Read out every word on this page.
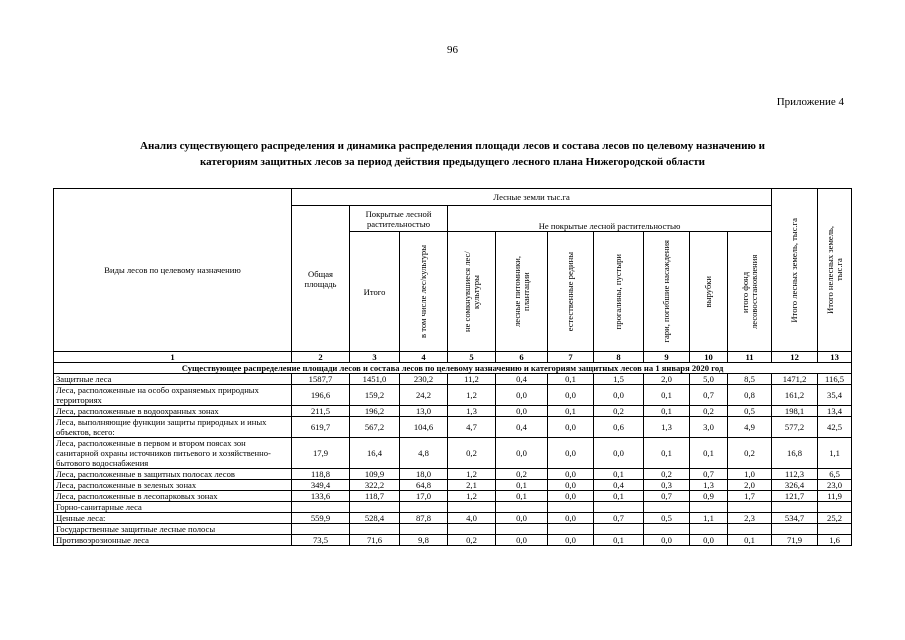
96
Приложение 4
Анализ существующего распределения и динамика распределения площади лесов и состава лесов по целевому назначению и
категориям защитных лесов за период действия предыдущего лесного плана Нижегородской области
Виды лесов по целевому назначению	Лесные земли тыс.га										Итого лесных земель, тыс.га	Итого нелесных земель, тыс.га

	Общая площадь	Покрытые лесной растительностью		Не покрытые лесной растительностью								
		Итого	в том числе лес/культуры	не сомкнувшиеся лес/культуры	лесные питомники, плантации	естественные редины	прогалины, пустыри	гари, погибшие насаждения	вырубки	итого фонд лесовосстановления		

1	2	3	4	5	6	7	8	9	10	11	12	13
Существующее распределение площади лесов и состава лесов по целевому назначению и категориям защитных лесов на 1 января 2020 год												
Защитные леса	1587,7	1451,0	230,2	11,2	0,4	0,1	1,5	2,0	5,0	8,5	1471,2	116,5
Леса, расположенные на особо охраняемых природных территориях	196,6	159,2	24,2	1,2	0,0	0,0	0,0	0,1	0,7	0,8	161,2	35,4
Леса, расположенные в водоохранных зонах	211,5	196,2	13,0	1,3	0,0	0,1	0,2	0,1	0,2	0,5	198,1	13,4
Леса, выполняющие функции защиты природных и иных объектов, всего:	619,7	567,2	104,6	4,7	0,4	0,0	0,6	1,3	3,0	4,9	577,2	42,5
Леса, расположенные в первом и втором поясах зон санитарной охраны источников питьевого и хозяйственно-бытового водоснабжения	17,9	16,4	4,8	0,2	0,0	0,0	0,0	0,1	0,1	0,2	16,8	1,1
Леса, расположенные в защитных полосах лесов	118,8	109,9	18,0	1,2	0,2	0,0	0,1	0,2	0,7	1,0	112,3	6,5
Леса, расположенные в зеленых зонах	349,4	322,2	64,8	2,1	0,1	0,0	0,4	0,3	1,3	2,0	326,4	23,0
Леса, расположенные в лесопарковых зонах	133,6	118,7	17,0	1,2	0,1	0,0	0,1	0,7	0,9	1,7	121,7	11,9
Горно-санитарные леса												
Ценные леса:	559,9	528,4	87,8	4,0	0,0	0,0	0,7	0,5	1,1	2,3	534,7	25,2
Государственные защитные лесные полосы												
Противоэрозионные леса	73,5	71,6	9,8	0,2	0,0	0,0	0,1	0,0	0,0	0,1	71,9	1,6
